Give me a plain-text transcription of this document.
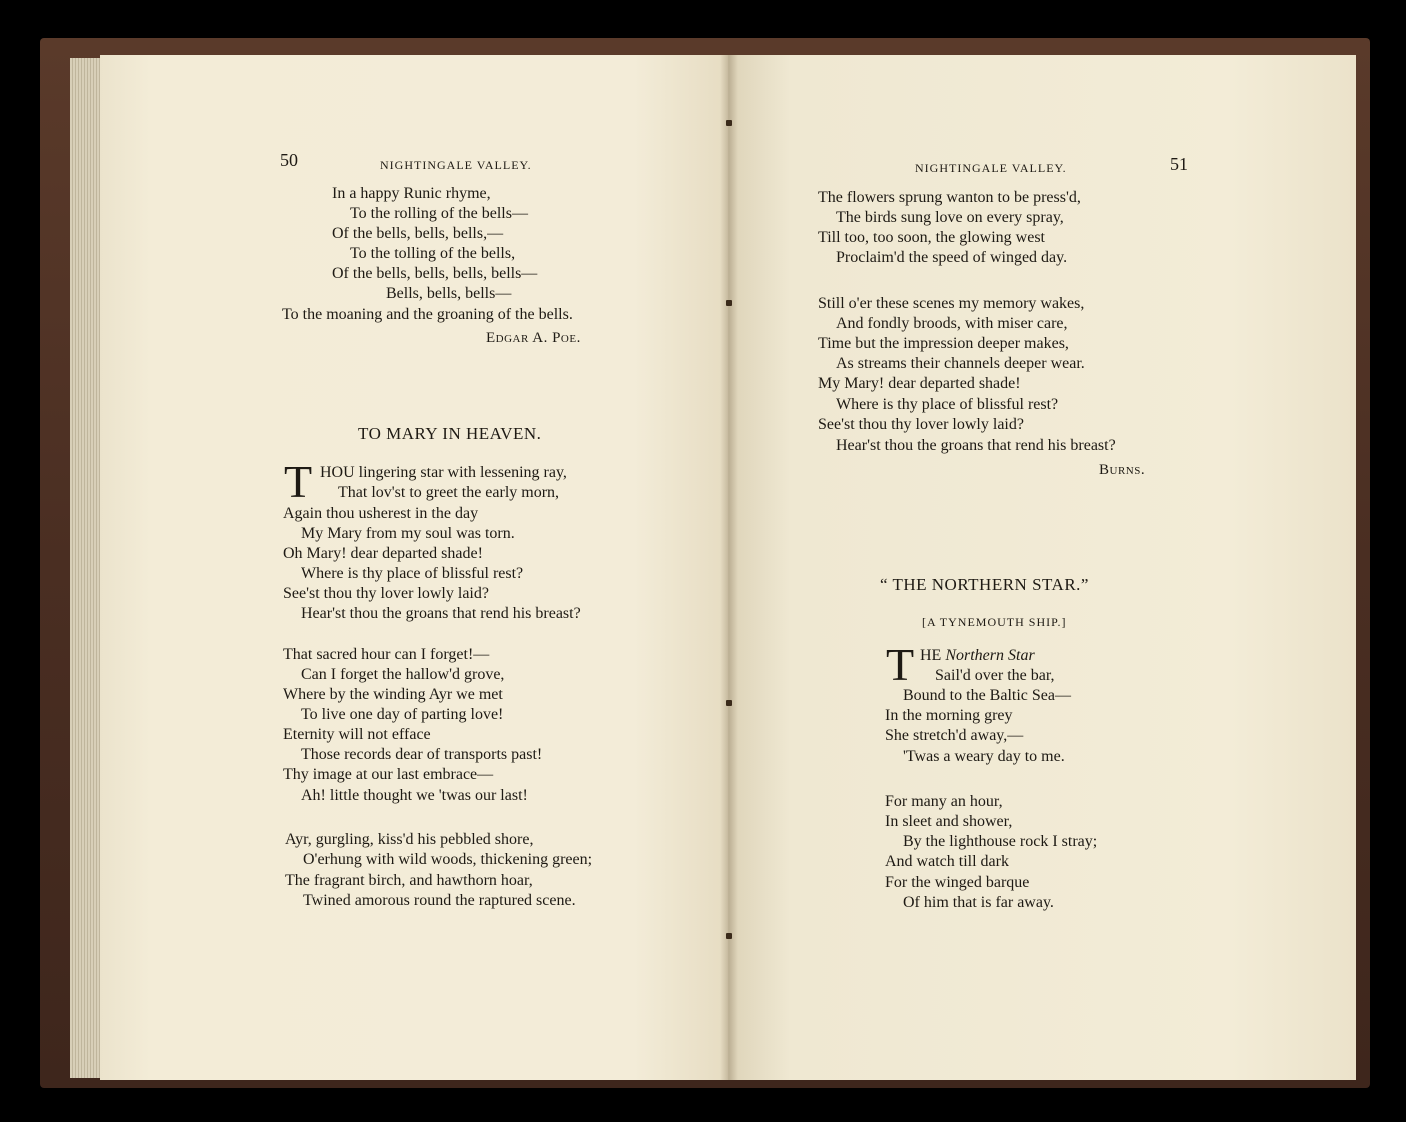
50	NIGHTINGALE VALLEY.
In a happy Runic rhyme,
To the rolling of the bells—
Of the bells, bells, bells,—
To the tolling of the bells,
Of the bells, bells, bells, bells—
Bells, bells, bells—
To the moaning and the groaning of the bells.
Edgar A. Poe.
TO MARY IN HEAVEN.
T HOU lingering star with lessening ray,
That lov'st to greet the early morn,
Again thou usherest in the day
My Mary from my soul was torn.
Oh Mary! dear departed shade!
Where is thy place of blissful rest?
See'st thou thy lover lowly laid?
Hear'st thou the groans that rend his breast?
That sacred hour can I forget!—
Can I forget the hallow'd grove,
Where by the winding Ayr we met
To live one day of parting love!
Eternity will not efface
Those records dear of transports past!
Thy image at our last embrace—
Ah! little thought we 'twas our last!
Ayr, gurgling, kiss'd his pebbled shore,
O'erhung with wild woods, thickening green;
The fragrant birch, and hawthorn hoar,
Twined amorous round the raptured scene.
NIGHTINGALE VALLEY.	51
The flowers sprung wanton to be press'd,
The birds sung love on every spray,
Till too, too soon, the glowing west
Proclaim'd the speed of winged day.
Still o'er these scenes my memory wakes,
And fondly broods, with miser care,
Time but the impression deeper makes,
As streams their channels deeper wear.
My Mary! dear departed shade!
Where is thy place of blissful rest?
See'st thou thy lover lowly laid?
Hear'st thou the groans that rend his breast?
Burns.
“ THE NORTHERN STAR.”
[A TYNEMOUTH SHIP.]
T HE Northern Star
Sail'd over the bar,
Bound to the Baltic Sea—
In the morning grey
She stretch'd away,—
'Twas a weary day to me.
For many an hour,
In sleet and shower,
By the lighthouse rock I stray;
And watch till dark
For the winged barque
Of him that is far away.
